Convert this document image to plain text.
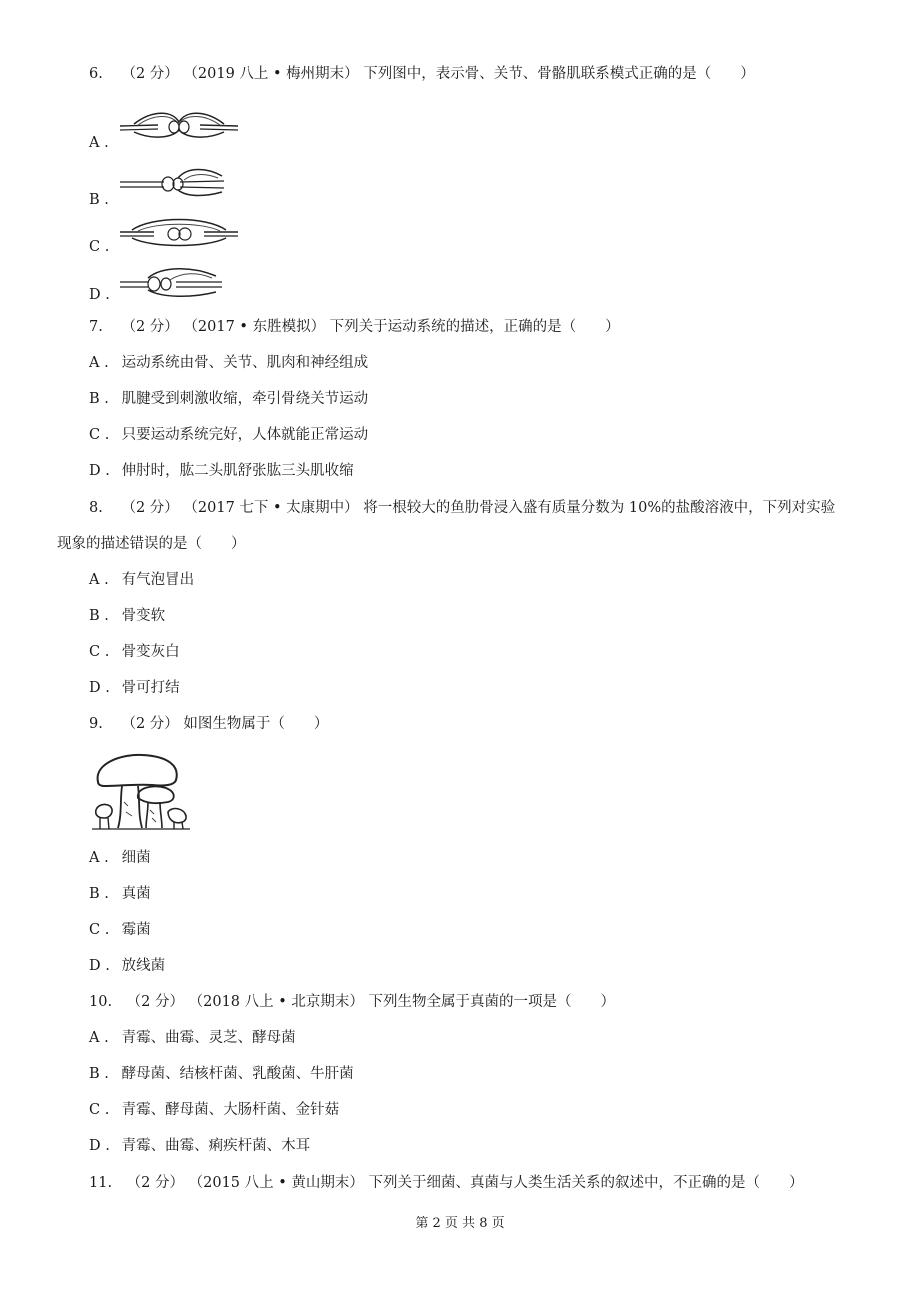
6. （2 分） （2019 八上 • 梅州期末） 下列图中，表示骨、关节、骨骼肌联系模式正确的是（　　）
A .
B .
C .
D .
7. （2 分） （2017 • 东胜模拟） 下列关于运动系统的描述，正确的是（　　）
A . 运动系统由骨、关节、肌肉和神经组成
B . 肌腱受到刺激收缩，牵引骨绕关节运动
C . 只要运动系统完好，人体就能正常运动
D . 伸肘时，肱二头肌舒张肱三头肌收缩
8. （2 分） （2017 七下 • 太康期中） 将一根较大的鱼肋骨浸入盛有质量分数为 10%的盐酸溶液中，下列对实验
现象的描述错误的是（　　）
A . 有气泡冒出
B . 骨变软
C . 骨变灰白
D . 骨可打结
9. （2 分） 如图生物属于（　　）
A . 细菌
B . 真菌
C . 霉菌
D . 放线菌
10. （2 分） （2018 八上 • 北京期末） 下列生物全属于真菌的一项是（　　）
A . 青霉、曲霉、灵芝、酵母菌
B . 酵母菌、结核杆菌、乳酸菌、牛肝菌
C . 青霉、酵母菌、大肠杆菌、金针菇
D . 青霉、曲霉、痢疾杆菌、木耳
11. （2 分） （2015 八上 • 黄山期末） 下列关于细菌、真菌与人类生活关系的叙述中，不正确的是（　　）
第 2 页 共 8 页
